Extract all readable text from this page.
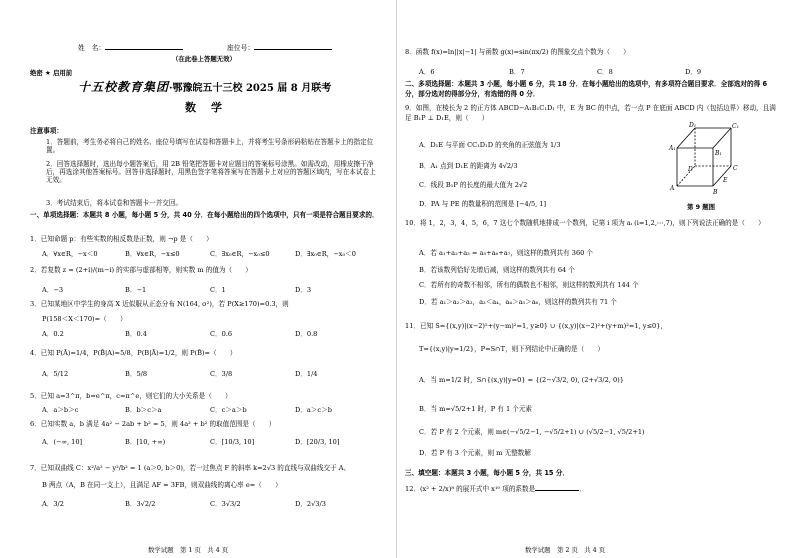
姓　名：	座位号：
（在此卷上答题无效）
绝密 ★ 启用前
十五校教育集团·鄂豫皖五十三校 2025 届 8 月联考
数　学
注意事项：
1．答题前，考生务必将自己的姓名、座位号填写在试卷和答题卡上，并将考生号条形码粘贴在答题卡上的指定位置。
2．回答选择题时，选出每小题答案后，用 2B 铅笔把答题卡对应题目的答案标号涂黑。如需改动，用橡皮擦干净后，再选涂其他答案标号。回答非选择题时，用黑色签字笔将答案写在答题卡上对应的答题区域内，写在本试卷上无效。
3．考试结束后，将本试卷和答题卡一并交回。
一、单项选择题：本题共 8 小题，每小题 5 分，共 40 分．在每小题给出的四个选项中，只有一项是符合题目要求的．
1．已知命题 p：有些实数的相反数是正数，则 ¬p 是（　　）
A．∀x∈R，−x＜0	B．∀x∈R，−x≤0	C．∃x₀∈R，−x₀≤0	D．∃x₀∈R，−x₀＜0
2．若复数 z = (2+i)/(m−i) 的实部与虚部相等，则实数 m 的值为（　　）
A．−3	B．−1	C．1	D．3
3．已知某地区中学生的身高 X 近似服从正态分布 N(164, σ²)，若 P(X≥170)=0.3，则
P(158＜X＜170)=（　　）
A．0.2	B．0.4	C．0.6	D．0.8
4．已知 P(Ā)=1/4，P(B̄|A)=5/8，P(B|Ā)=1/2，则 P(B̄)=（　　）
A．5/12	B．5/8	C．3/8	D．1/4
5．已知 a=3^π，b=e^π，c=π^e，则它们的大小关系是（　　）
A．a＞b＞c	B．b＞c＞a	C．c＞a＞b	D．a＞c＞b
6．已知实数 a，b 满足 4a² − 2ab + b² = 5，则 4a² + b² 的取值范围是（　　）
A．(−∞, 10]	B．[10, +∞)	C．[10/3, 10]	D．[20/3, 10]
7．已知双曲线 C：x²/a² − y²/b² = 1 (a＞0, b＞0)，若一过焦点 F 的斜率 k=2√3 的直线与双曲线交于 A、
B 两点（A，B 在同一支上），且满足 AF = 3FB，则双曲线的离心率 e=（　　）
A．3/2	B．3√2/2	C．3√3/2	D．2√3/3
数学试题　第 1 页　共 4 页
8．函数 f(x)=ln||x|−1| 与函数 g(x)=sin(πx/2) 的图象交点个数为（　　）
A．6	B．7	C．8	D．9
二、多项选择题：本题共 3 小题，每小题 6 分，共 18 分．在每小题给出的选项中，有多项符合题目要求．全部选对的得 6 分，部分选对的得部分分，有选错的得 0 分．
9．如图，在棱长为 2 的正方体 ABCD−A₁B₁C₁D₁ 中，E 为 BC 的中点，若一点 P 在底面 ABCD 内（包括边界）移动，且满足 B₁P ⊥ D₁E，则（　　）
A．D₁E 与平面 CC₁D₁D 的夹角的正弦值为 1/3
B．A₁ 点到 D₁E 的距离为 4√2/3
C．线段 B₁P 的长度的最大值为 2√2
D．PA 与 PE 的数量积的范围是 [−4/5, 1]
A₁
B₁
C₁
D₁
A
B
C
D
E
第 9 题图
10．将 1，2，3，4，5，6，7 这七个数随机地排成一个数列，记第 i 项为 aᵢ (i=1,2,⋯,7)，则下列说法正确的是（　　）
A．若 a₁+a₂+a₃ = a₅+a₆+a₇，则这样的数列共有 360 个
B．若该数列恰好先增后减，则这样的数列共有 64 个
C．若所有的奇数不相邻，所有的偶数也不相邻，则这样的数列共有 144 个
D．若 a₁＞a₂＞a₃，a₃＜a₄，a₄＞a₅＞a₆，则这样的数列共有 71 个
11．已知 S={(x,y)|(x−2)²+(y−m)²=1, y≥0} ∪ {(x,y)|(x−2)²+(y+m)²=1, y≤0}，
T={(x,y)|y=1/2}，P=S∩T，则下列结论中正确的是（　　）
A．当 m=1/2 时，S∩{(x,y)|y=0} = {(2−√3/2, 0), (2+√3/2, 0)}
B．当 m=√5/2+1 时，P 有 1 个元素
C．若 P 有 2 个元素，则 m∈(−√5/2−1, −√5/2+1) ∪ (√5/2−1, √5/2+1)
D．若 P 有 3 个元素，则 m 无整数解
三、填空题：本题共 3 小题，每小题 5 分，共 15 分．
12．(x² + 2/x)⁸ 的展开式中 x¹⁰ 项的系数是	．
数学试题　第 2 页　共 4 页
